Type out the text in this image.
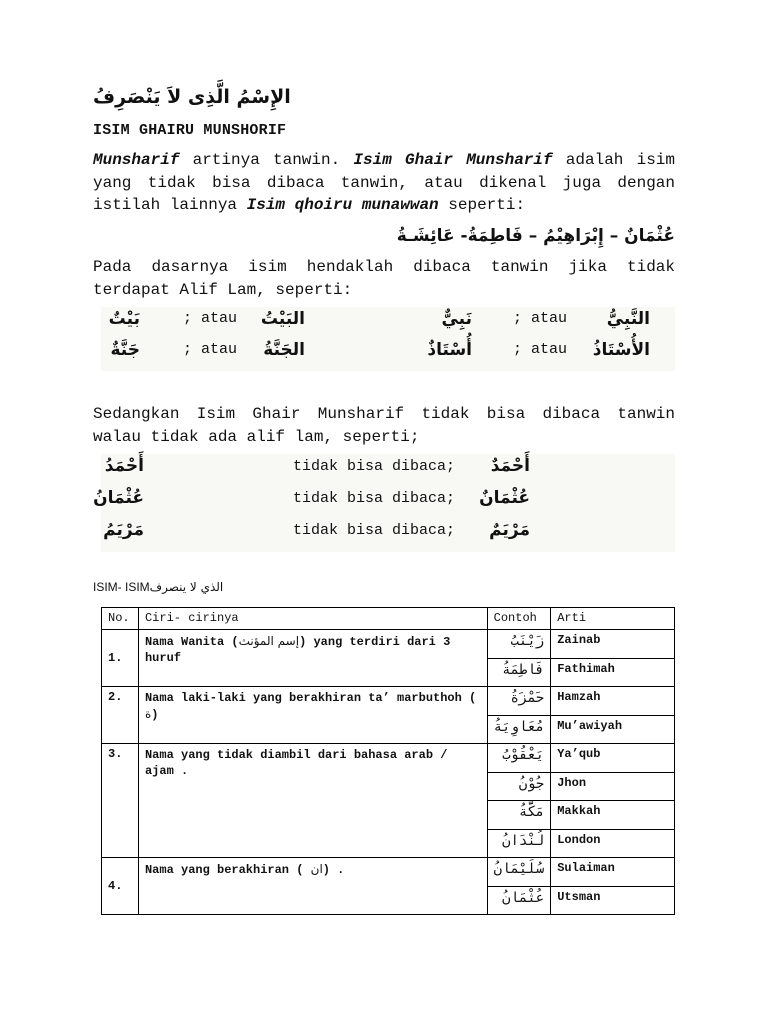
الإِسْمُ الَّذِى لاَ يَنْصَرِفُ
ISIM GHAIRU MUNSHORIF
Munsharif artinya tanwin. Isim Ghair Munsharif adalah isim yang tidak bisa dibaca tanwin, atau dikenal juga dengan istilah lainnya Isim qhoiru munawwan seperti:
عُثْمَانٌ – إِبْرَاهِيْمُ – فَاطِمَةُ- عَائِشَـةُ
Pada dasarnya isim hendaklah dibaca tanwin jika tidak terdapat Alif Lam, seperti:
بَيْتٌ	; atau البَيْتُ	نَبِيٌّ	; atau النَّبِيُّ
جَنَّةٌ	; atau الجَنَّةُ	أُسْتَاذٌ	; atau الأُسْتَاذُ
Sedangkan Isim Ghair Munsharif tidak bisa dibaca tanwin walau tidak ada alif lam, seperti;
أَحْمَدُ	tidak bisa dibaca; أَحْمَدٌ
عُثْمَانُ	tidak bisa dibaca; عُثْمَانٌ
مَرْيَمُ	tidak bisa dibaca; مَرْيَمٌ
ISIM- ISIMالذي لا ينصرف
No.	Ciri- cirinya	Contoh	Arti
1.	Nama Wanita (إسم المؤنث) yang terdiri dari 3 huruf	زَيْنَبُ	Zainab
		فَاطِمَةُ	Fathimah
2.	Nama laki-laki yang berakhiran ta’ marbuthoh ( ة)	حَمْزَةُ	Hamzah
		مُعَاوِيَةُ	Mu’awiyah
3.	Nama yang tidak diambil dari bahasa arab / ajam .	يَعْقُوْبُ	Ya’qub
		جُوْنُ	Jhon
		مَكَّةُ	Makkah
		لُنْدَانُ	London
4.	Nama yang berakhiran ( ان) .	سُلَيْمَانُ	Sulaiman
		عُثْمَانُ	Utsman
